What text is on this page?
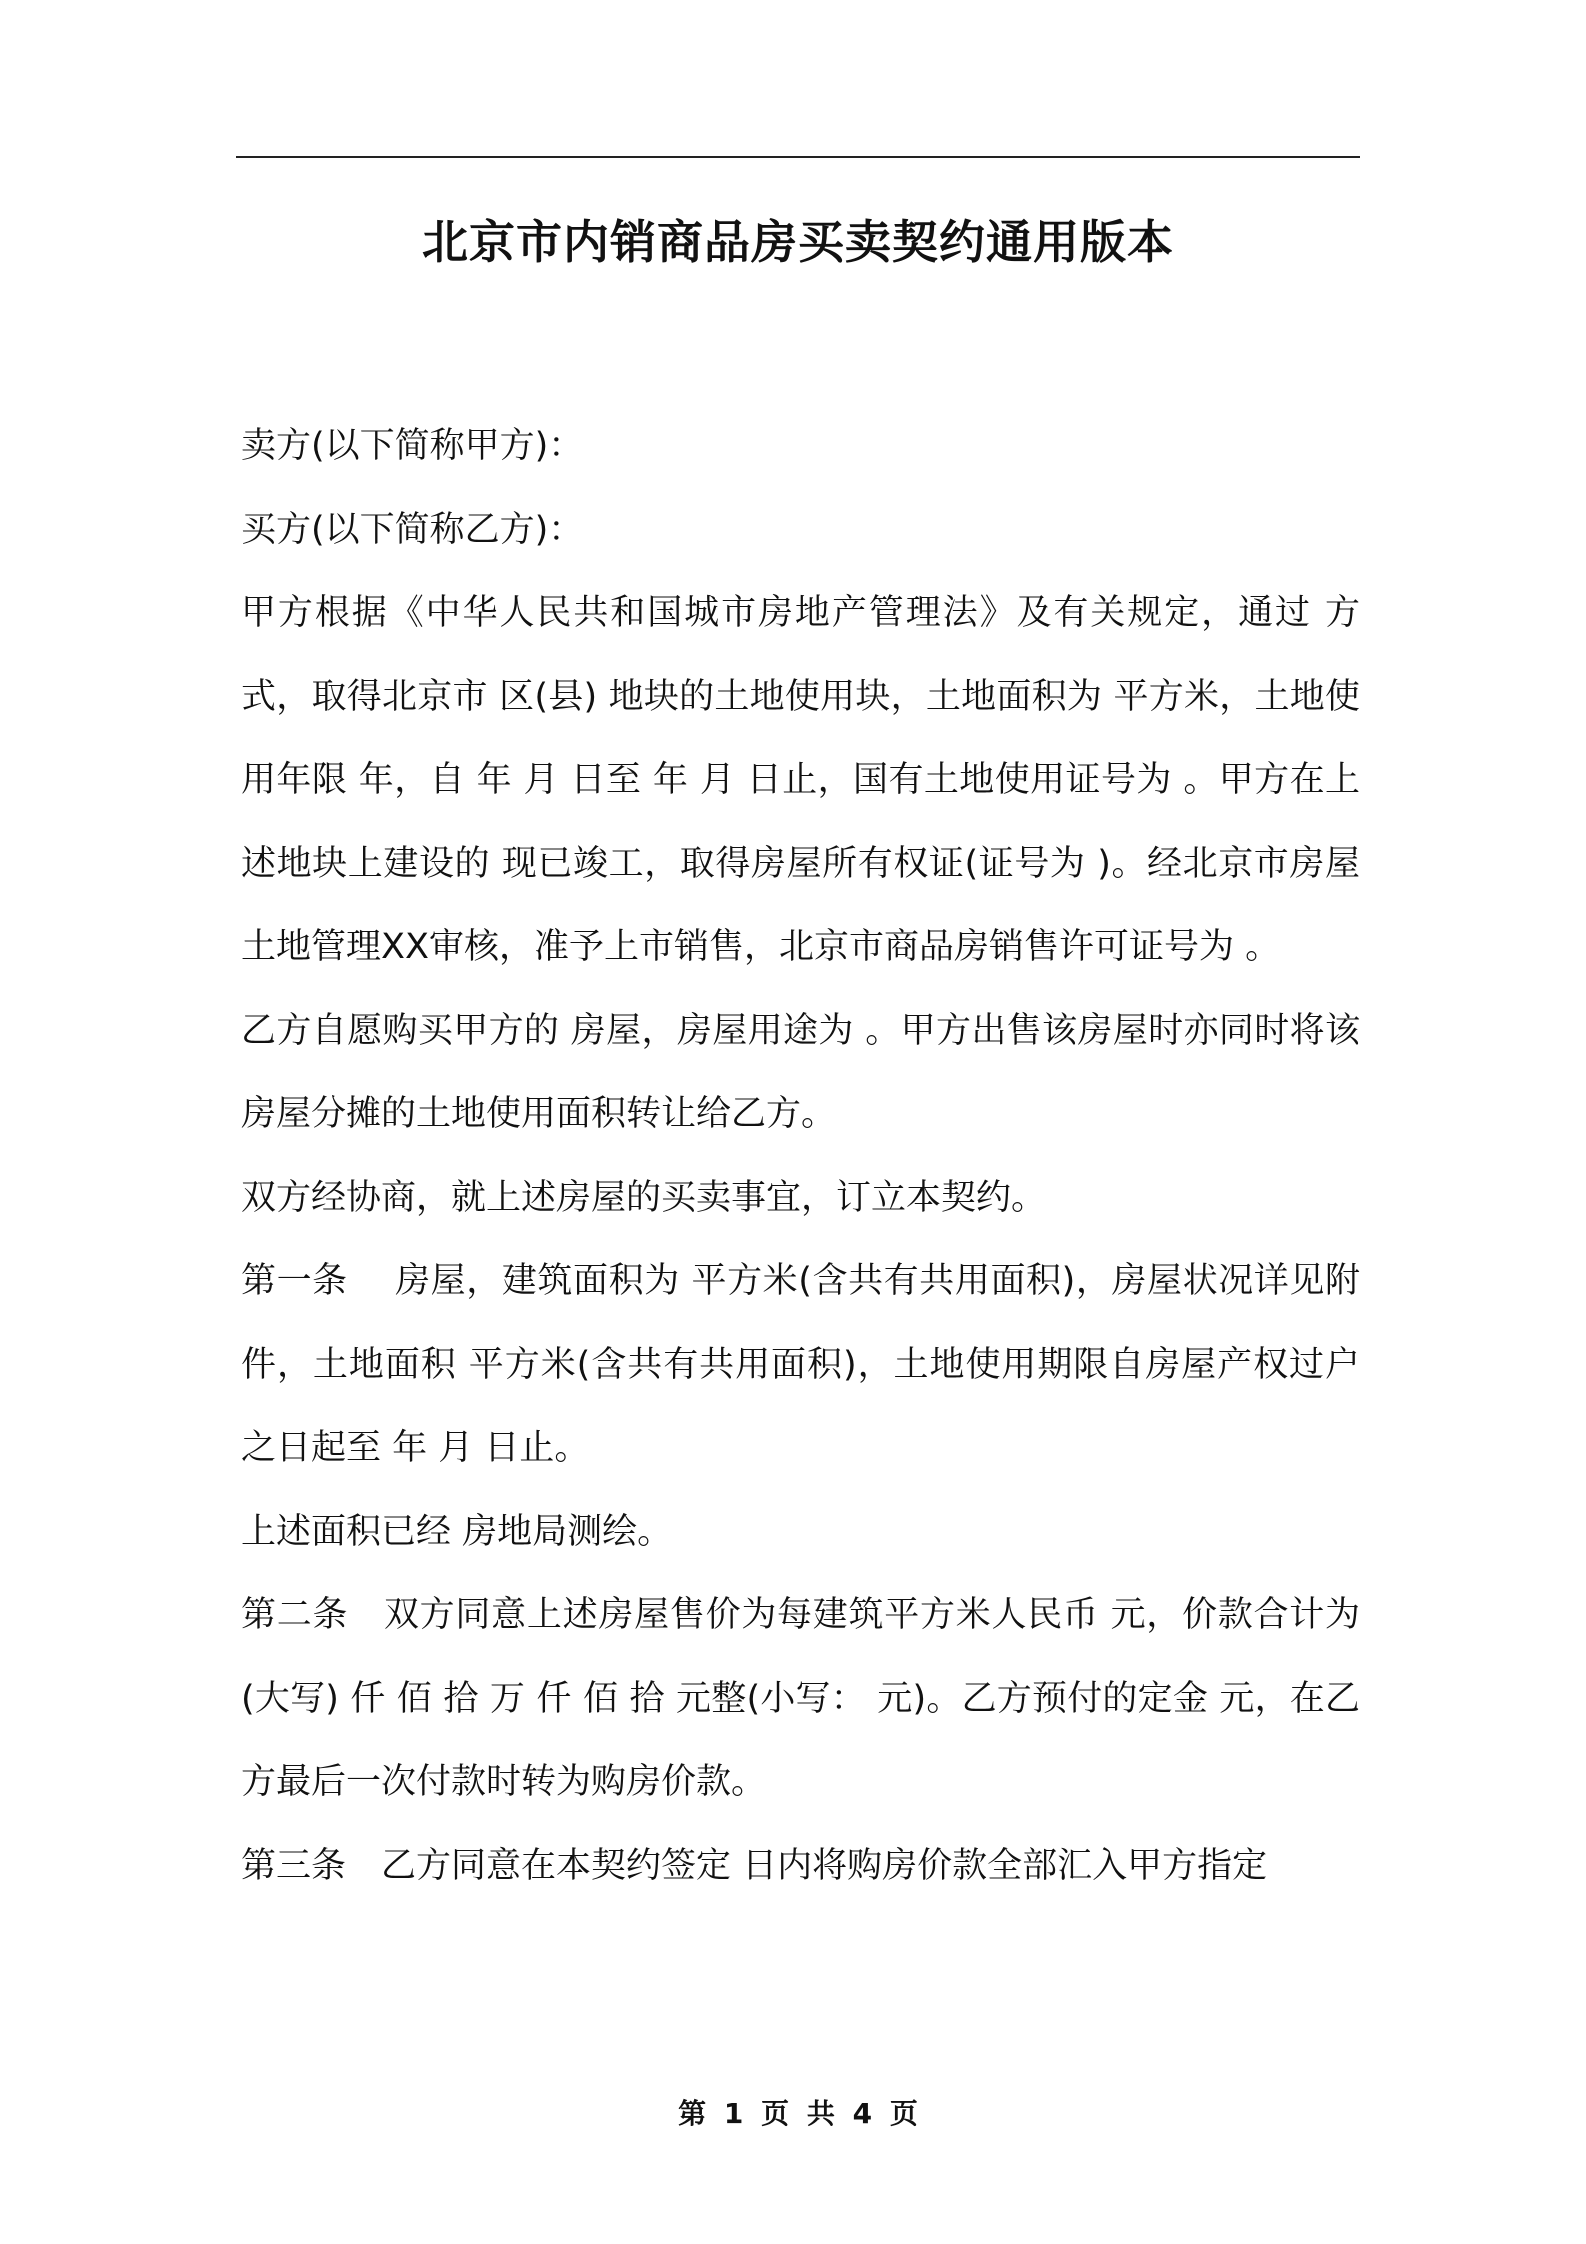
北京市内销商品房买卖契约通用版本

卖方(以下简称甲方)：

买方(以下简称乙方)：

甲方根据《中华人民共和国城市房地产管理法》及有关规定，通过 方式，取得北京市 区(县) 地块的土地使用块，土地面积为 平方米，土地使用年限 年，自 年 月 日至 年 月 日止，国有土地使用证号为 。甲方在上述地块上建设的 现已竣工，取得房屋所有权证(证号为 )。经北京市房屋土地管理XX审核，准予上市销售，北京市商品房销售许可证号为 。

乙方自愿购买甲方的 房屋，房屋用途为 。甲方出售该房屋时亦同时将该房屋分摊的土地使用面积转让给乙方。

双方经协商，就上述房屋的买卖事宜，订立本契约。

第一条　 房屋，建筑面积为 平方米(含共有共用面积)，房屋状况详见附件，土地面积 平方米(含共有共用面积)，土地使用期限自房屋产权过户之日起至 年 月 日止。

上述面积已经 房地局测绘。

第二条　双方同意上述房屋售价为每建筑平方米人民币 元，价款合计为(大写) 仟 佰 拾 万 仟 佰 拾 元整(小写： 元)。乙方预付的定金 元，在乙方最后一次付款时转为购房价款。

第三条　乙方同意在本契约签定 日内将购房价款全部汇入甲方指定

第 1 页 共 4 页
